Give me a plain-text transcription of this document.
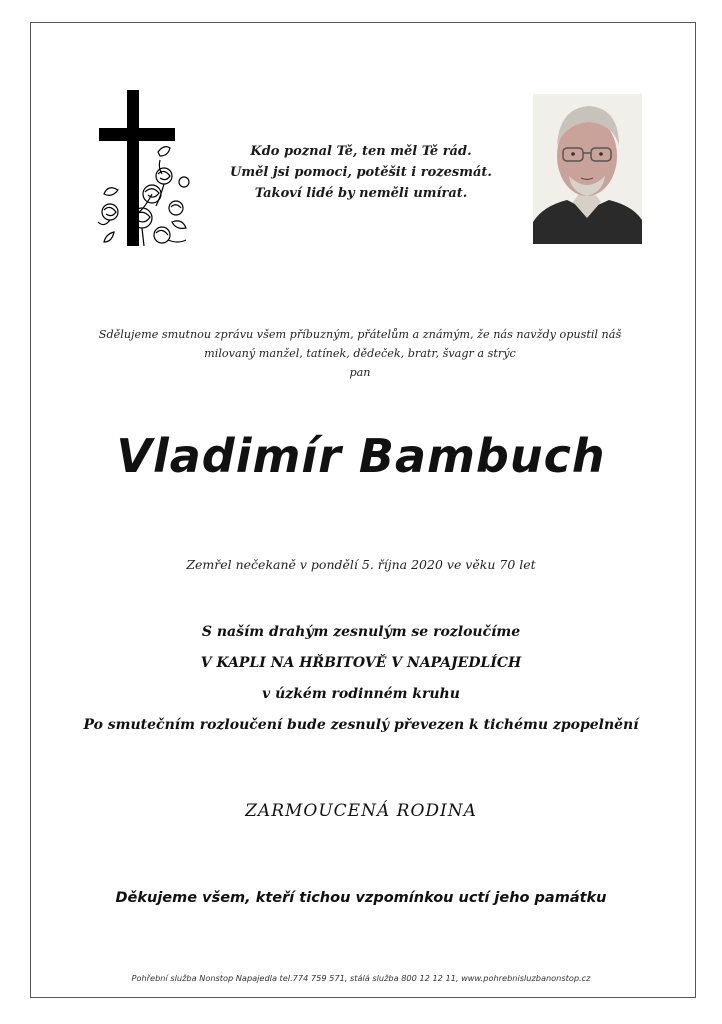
Kdo poznal Tě, ten měl Tě rád.
Uměl jsi pomoci, potěšit i rozesmát.
Takoví lidé by neměli umírat.
Sdělujeme smutnou zprávu všem příbuzným, přátelům a známým, že nás navždy opustil náš
milovaný manžel, tatínek, dědeček, bratr, švagr a strýc
pan
Vladimír Bambuch
Zemřel nečekaně v pondělí 5. října 2020 ve věku 70 let
S naším drahým zesnulým se rozloučíme
V KAPLI NA HŘBITOVĚ V NAPAJEDLÍCH
v úzkém rodinném kruhu
Po smutečním rozloučení bude zesnulý převezen k tichému zpopelnění
ZARMOUCENÁ RODINA
Děkujeme všem, kteří tichou vzpomínkou uctí jeho památku
Pohřební služba Nonstop Napajedla tel.774 759 571, stálá služba 800 12 12 11, www.pohrebnisluzbanonstop.cz
